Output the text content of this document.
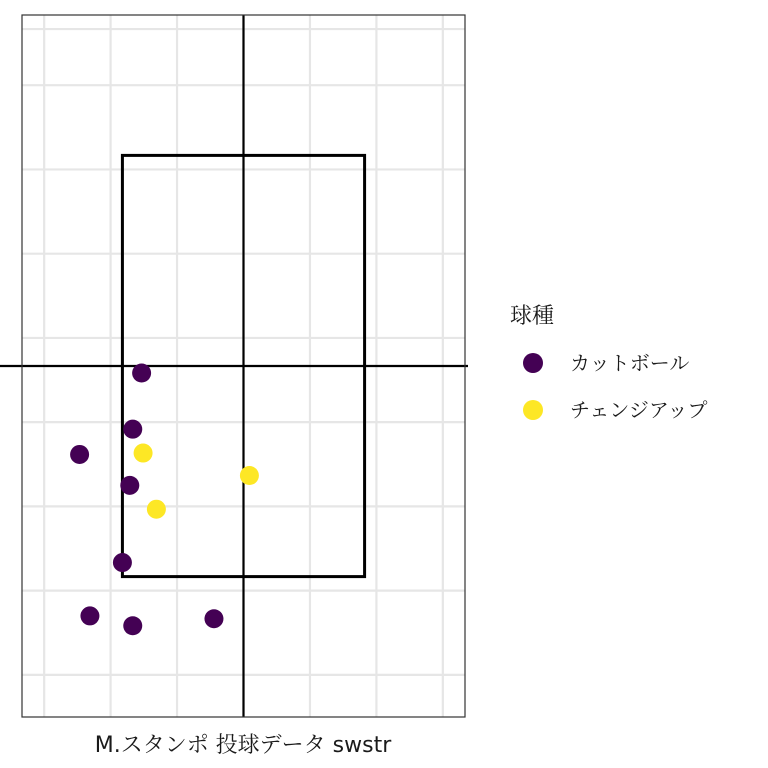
M.スタンポ 投球データ swstr
球種
カットボール
チェンジアップ
